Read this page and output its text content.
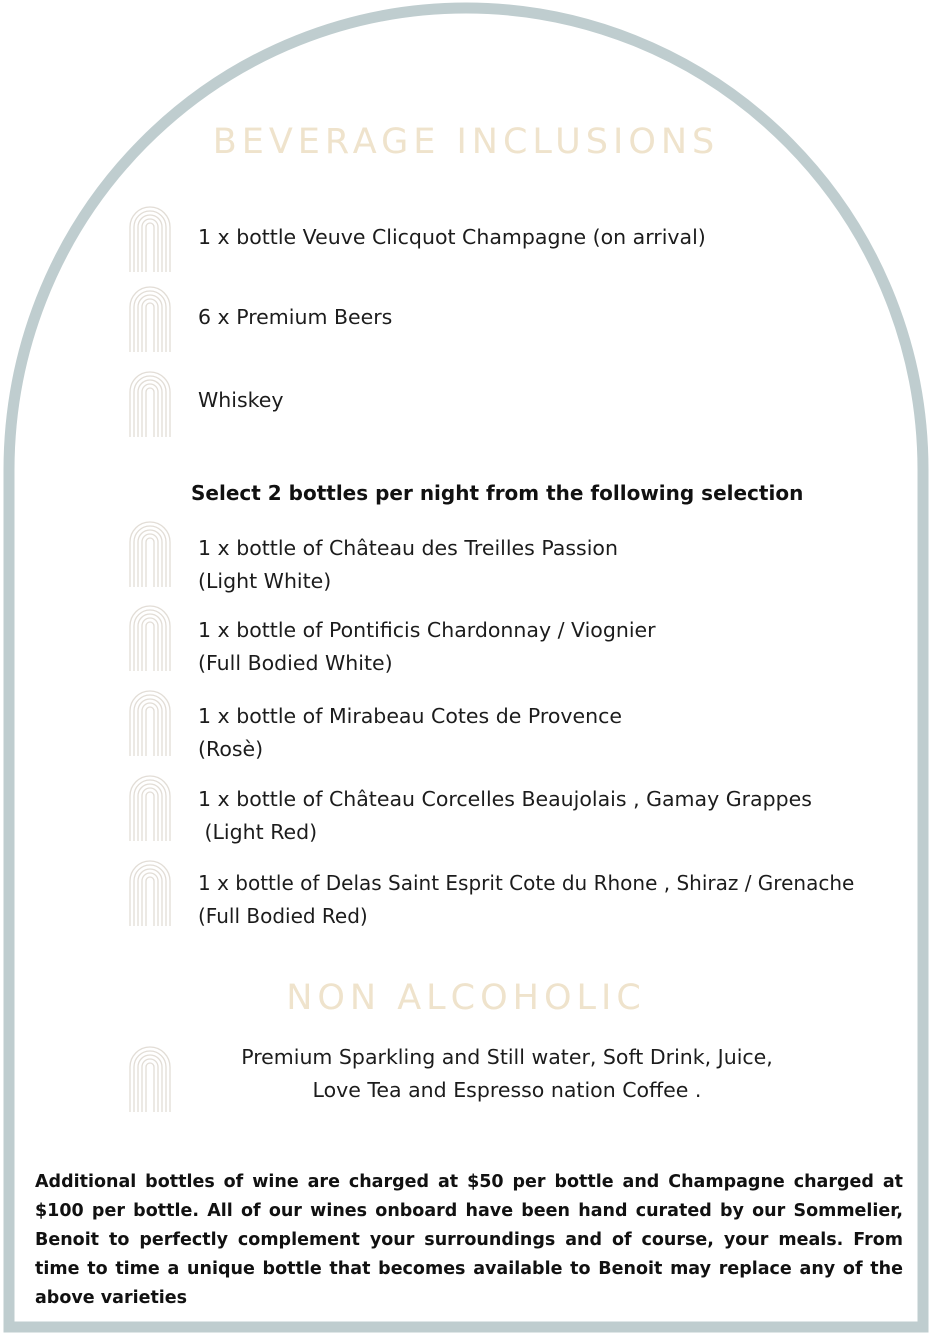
BEVERAGE INCLUSIONS
1 x bottle Veuve Clicquot Champagne (on arrival)
6 x Premium Beers
Whiskey
Select 2 bottles per night from the following selection
1 x bottle of Château des Treilles Passion
(Light White)
1 x bottle of Pontificis Chardonnay / Viognier
(Full Bodied White)
1 x bottle of Mirabeau Cotes de Provence
(Rosè)
1 x bottle of Château Corcelles Beaujolais , Gamay Grappes
(Light Red)
1 x bottle of Delas Saint Esprit Cote du Rhone , Shiraz / Grenache
(Full Bodied Red)
NON ALCOHOLIC
Premium Sparkling and Still water, Soft Drink, Juice,
Love Tea and Espresso nation Coffee .
Additional bottles of wine are charged at $50 per bottle and Champagne charged at $100 per bottle. All of our wines onboard have been hand curated by our Sommelier, Benoit to perfectly complement your surroundings and of course, your meals. From time to time a unique bottle that becomes available to Benoit may replace any of the above varieties
